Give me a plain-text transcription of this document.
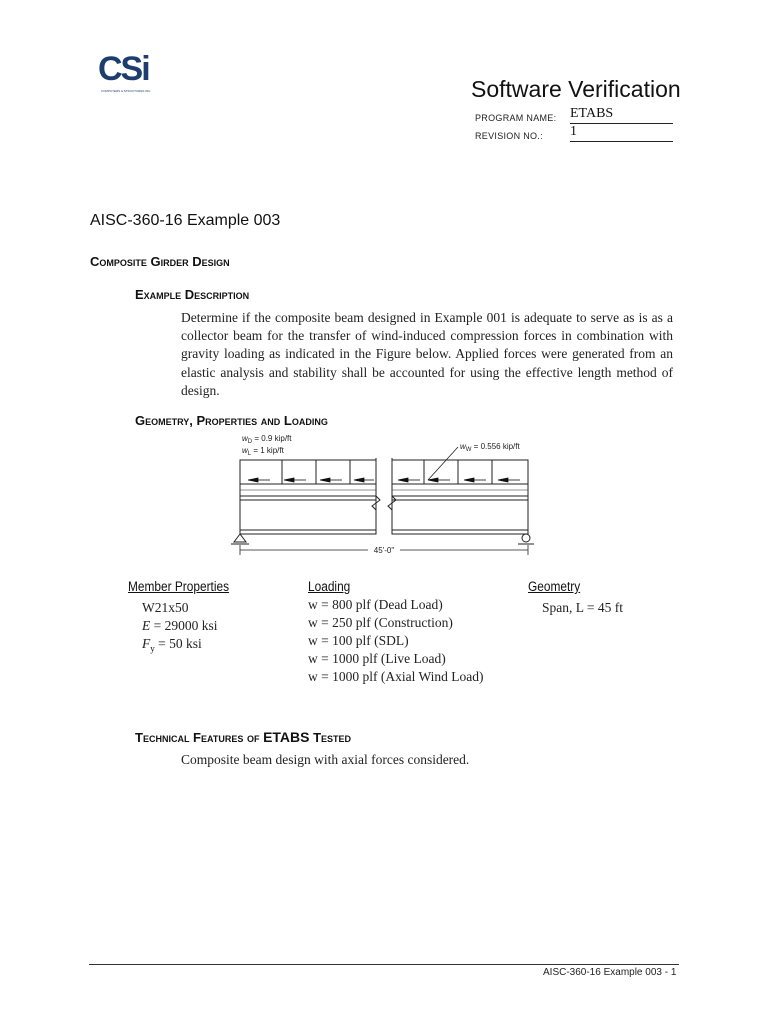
CSi
COMPUTERS & STRUCTURES INC.	Software Verification
PROGRAM NAME: ETABS
REVISION NO.: 1
AISC-360-16 Example 003
Composite Girder Design
Example Description
Determine if the composite beam designed in Example 001 is adequate to serve as is as a collector beam for the transfer of wind-induced compression forces in combination with gravity loading as indicated in the Figure below. Applied forces were generated from an elastic analysis and stability shall be accounted for using the effective length method of design.
Geometry, Properties and Loading
$w_D = 0.9$ kip/ft
$w_L = 1$ kip/ft	$w_W = 0.556$ kip/ft
45'-0"
Member Properties
W21x50
E = 29000 ksi
$F_y = 50$ ksi
Loading
w = 800 plf (Dead Load)
w = 250 plf (Construction)
w = 100 plf (SDL)
w = 1000 plf (Live Load)
w = 1000 plf (Axial Wind Load)
Geometry
Span, L = 45 ft
Technical Features of ETABS Tested
Composite beam design with axial forces considered.
AISC-360-16 Example 003 - 1
